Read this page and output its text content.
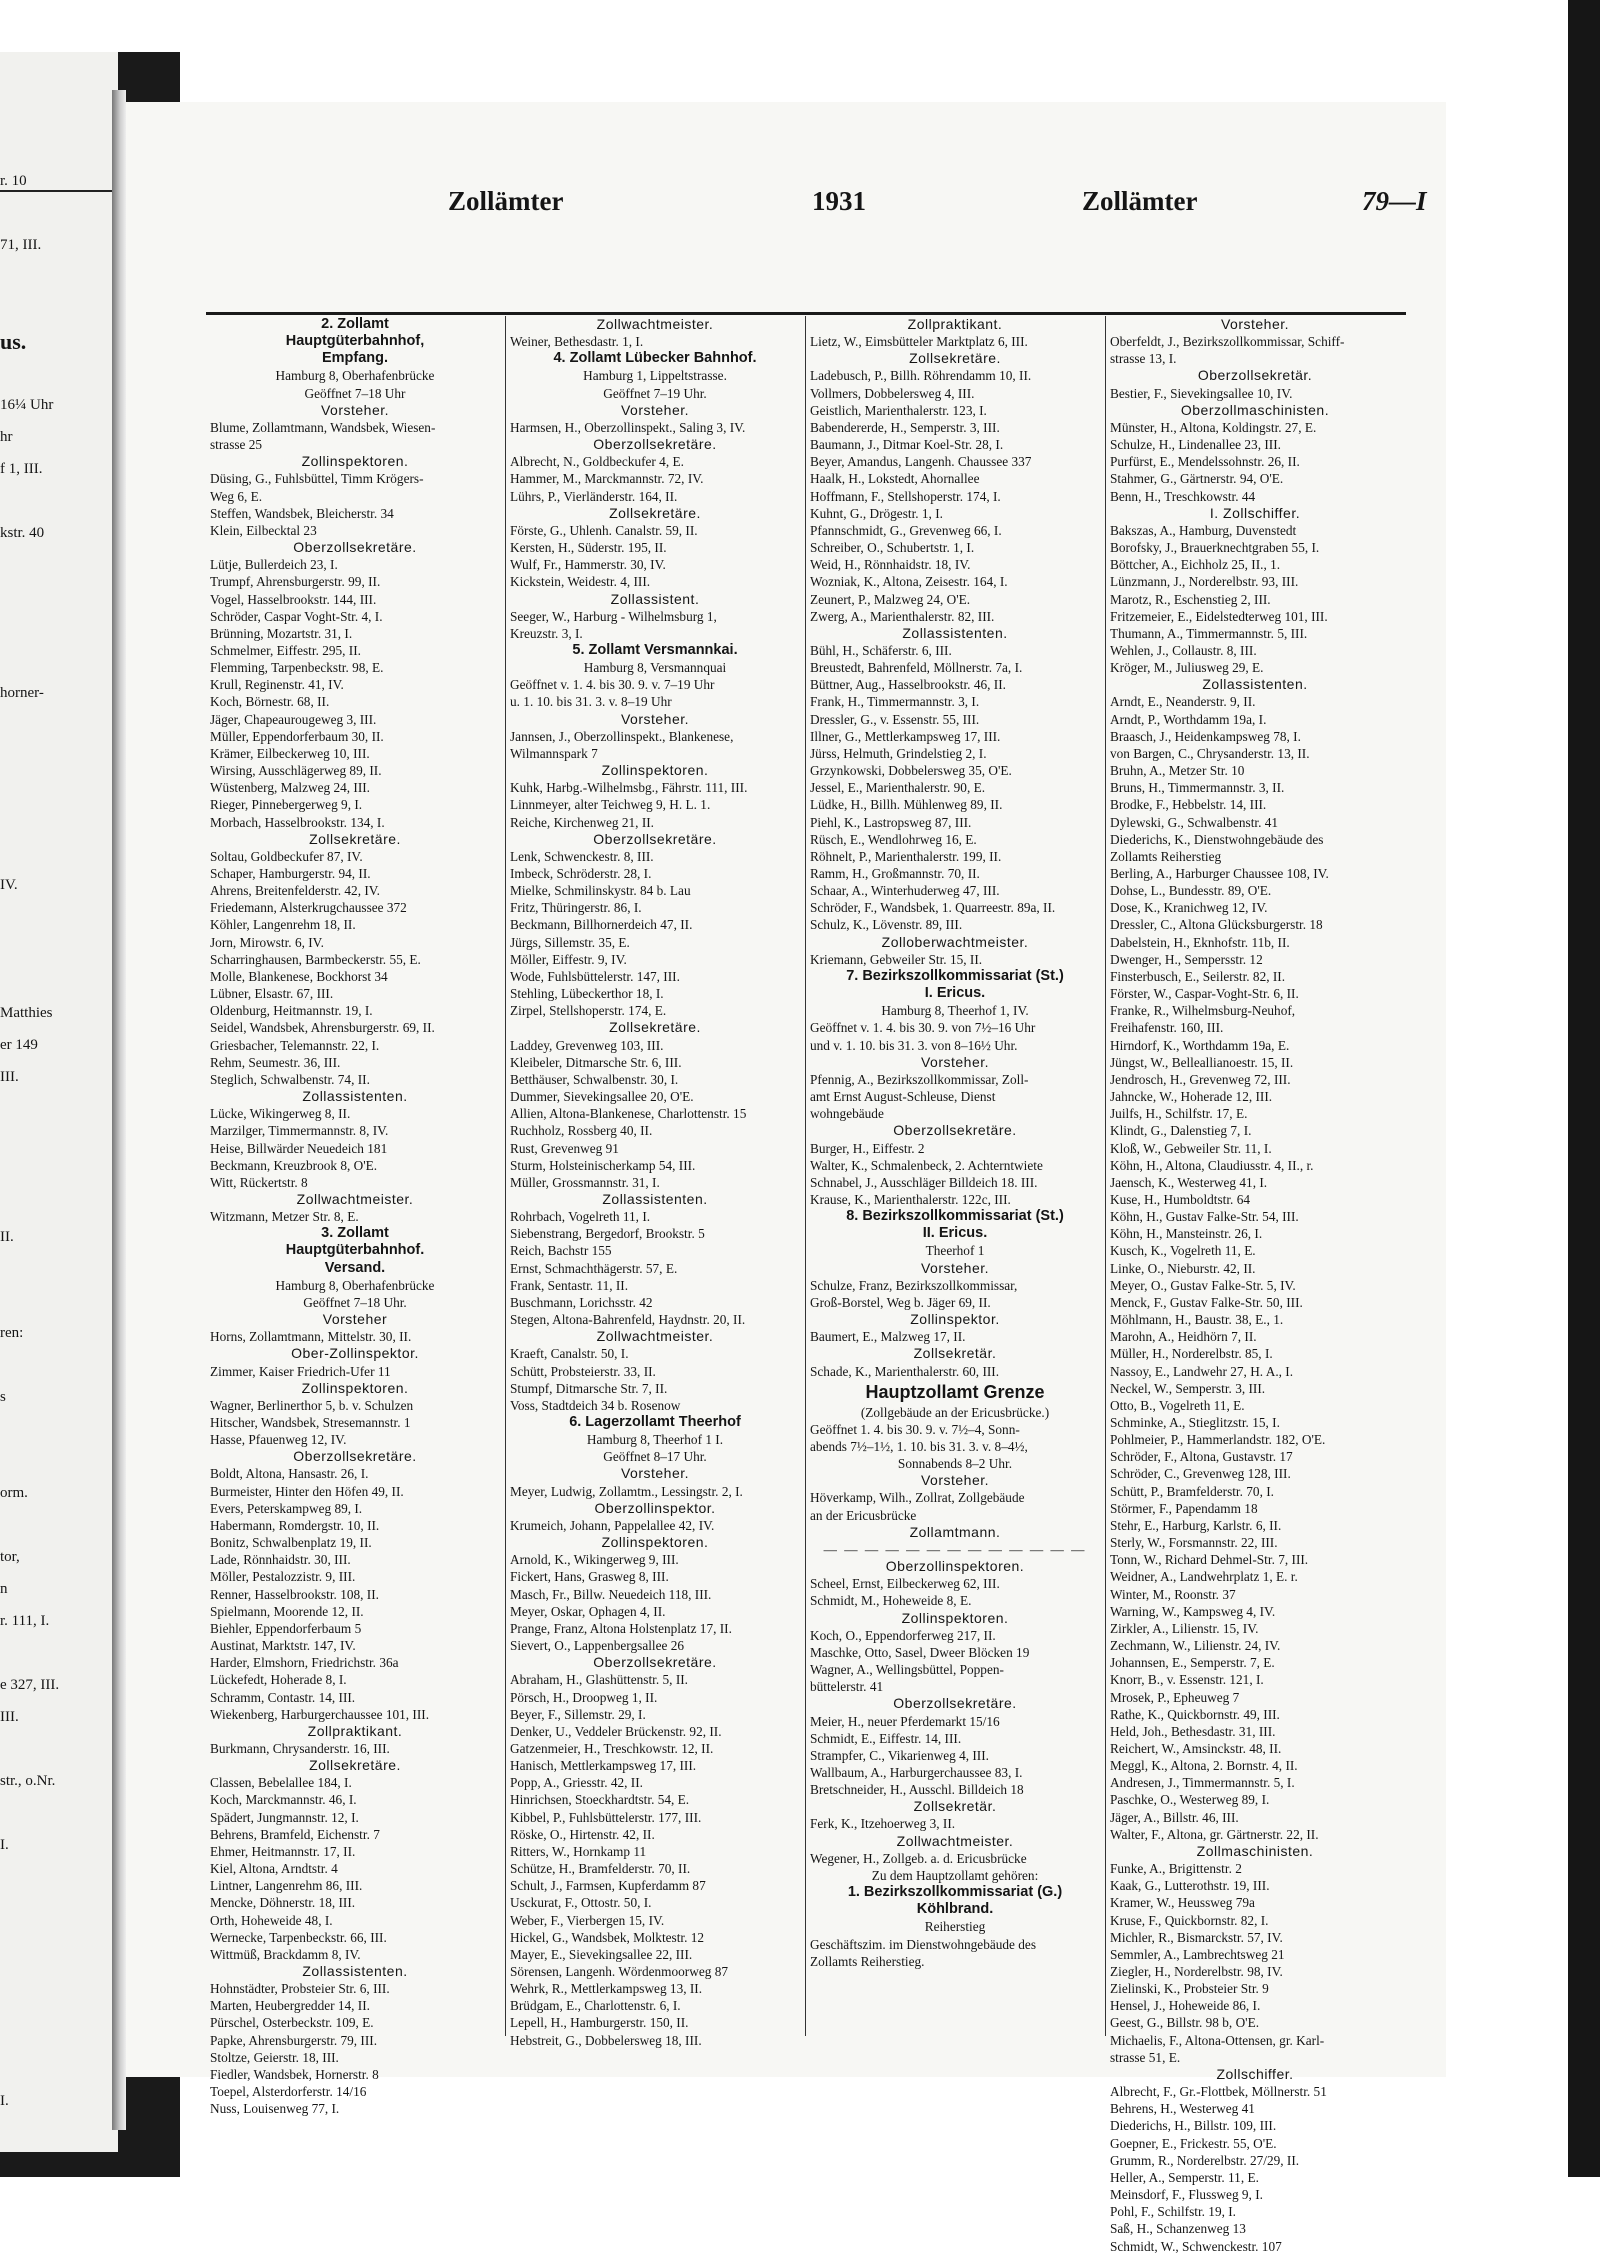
r. 10
71, III.
us.
16¼ Uhr
hr
f 1, III.
kstr. 40
horner-
IV.
Matthies
er 149
III.
II.
ren:
s
orm.
tor,
n
r. 111, I.
e 327, III.
III.
str., o.Nr.
I.
I.
Zollämter	1931	Zollämter	79—I
2. Zollamt
Hauptgüterbahnhof,
Empfang.
Hamburg 8, Oberhafenbrücke
Geöffnet 7–18 Uhr
Vorsteher.
Blume, Zollamtmann, Wandsbek, Wiesen-
strasse 25
Zollinspektoren.
Düsing, G., Fuhlsbüttel, Timm Krögers-
Weg 6, E.
Steffen, Wandsbek, Bleicherstr. 34
Klein, Eilbecktal 23
Oberzollsekretäre.
Lütje, Bullerdeich 23, I.
Trumpf, Ahrensburgerstr. 99, II.
Vogel, Hasselbrookstr. 144, III.
Schröder, Caspar Voght-Str. 4, I.
Brünning, Mozartstr. 31, I.
Schmelmer, Eiffestr. 295, II.
Flemming, Tarpenbeckstr. 98, E.
Krull, Reginenstr. 41, IV.
Koch, Börnestr. 68, II.
Jäger, Chapeaurougeweg 3, III.
Müller, Eppendorferbaum 30, II.
Krämer, Eilbeckerweg 10, III.
Wirsing, Ausschlägerweg 89, II.
Wüstenberg, Malzweg 24, III.
Rieger, Pinnebergerweg 9, I.
Morbach, Hasselbrookstr. 134, I.
Zollsekretäre.
Soltau, Goldbeckufer 87, IV.
Schaper, Hamburgerstr. 94, II.
Ahrens, Breitenfelderstr. 42, IV.
Friedemann, Alsterkrugchaussee 372
Köhler, Langenrehm 18, II.
Jorn, Mirowstr. 6, IV.
Scharringhausen, Barmbeckerstr. 55, E.
Molle, Blankenese, Bockhorst 34
Lübner, Elsastr. 67, III.
Oldenburg, Heitmannstr. 19, I.
Seidel, Wandsbek, Ahrensburgerstr. 69, II.
Griesbacher, Telemannstr. 22, I.
Rehm, Seumestr. 36, III.
Steglich, Schwalbenstr. 74, II.
Zollassistenten.
Lücke, Wikingerweg 8, II.
Marzilger, Timmermannstr. 8, IV.
Heise, Billwärder Neuedeich 181
Beckmann, Kreuzbrook 8, O'E.
Witt, Rückertstr. 8
Zollwachtmeister.
Witzmann, Metzer Str. 8, E.
3. Zollamt
Hauptgüterbahnhof.
Versand.
Hamburg 8, Oberhafenbrücke
Geöffnet 7–18 Uhr.
Vorsteher
Horns, Zollamtmann, Mittelstr. 30, II.
Ober-Zollinspektor.
Zimmer, Kaiser Friedrich-Ufer 11
Zollinspektoren.
Wagner, Berlinerthor 5, b. v. Schulzen
Hitscher, Wandsbek, Stresemannstr. 1
Hasse, Pfauenweg 12, IV.
Oberzollsekretäre.
Boldt, Altona, Hansastr. 26, I.
Burmeister, Hinter den Höfen 49, II.
Evers, Peterskampweg 89, I.
Habermann, Romdergstr. 10, II.
Bonitz, Schwalbenplatz 19, II.
Lade, Rönnhaidstr. 30, III.
Möller, Pestalozzistr. 9, III.
Renner, Hasselbrookstr. 108, II.
Spielmann, Moorende 12, II.
Biehler, Eppendorferbaum 5
Austinat, Marktstr. 147, IV.
Harder, Elmshorn, Friedrichstr. 36a
Lückefedt, Hoherade 8, I.
Schramm, Contastr. 14, III.
Wiekenberg, Harburgerchaussee 101, III.
Zollpraktikant.
Burkmann, Chrysanderstr. 16, III.
Zollsekretäre.
Classen, Bebelallee 184, I.
Koch, Marckmannstr. 46, I.
Spädert, Jungmannstr. 12, I.
Behrens, Bramfeld, Eichenstr. 7
Ehmer, Heitmannstr. 17, II.
Kiel, Altona, Arndtstr. 4
Lintner, Langenrehm 86, III.
Mencke, Döhnerstr. 18, III.
Orth, Hoheweide 48, I.
Wernecke, Tarpenbeckstr. 66, III.
Wittmüß, Brackdamm 8, IV.
Zollassistenten.
Hohnstädter, Probsteier Str. 6, III.
Marten, Heubergredder 14, II.
Pürschel, Osterbeckstr. 109, E.
Papke, Ahrensburgerstr. 79, III.
Stoltze, Geierstr. 18, III.
Fiedler, Wandsbek, Hornerstr. 8
Toepel, Alsterdorferstr. 14/16
Nuss, Louisenweg 77, I.
Zollwachtmeister.
Weiner, Bethesdastr. 1, I.
4. Zollamt Lübecker Bahnhof.
Hamburg 1, Lippeltstrasse.
Geöffnet 7–19 Uhr.
Vorsteher.
Harmsen, H., Oberzollinspekt., Saling 3, IV.
Oberzollsekretäre.
Albrecht, N., Goldbeckufer 4, E.
Hammer, M., Marckmannstr. 72, IV.
Lührs, P., Vierländerstr. 164, II.
Zollsekretäre.
Förste, G., Uhlenh. Canalstr. 59, II.
Kersten, H., Süderstr. 195, II.
Wulf, Fr., Hammerstr. 30, IV.
Kickstein, Weidestr. 4, III.
Zollassistent.
Seeger, W., Harburg - Wilhelmsburg 1,
Kreuzstr. 3, I.
5. Zollamt Versmannkai.
Hamburg 8, Versmannquai
Geöffnet v. 1. 4. bis 30. 9. v. 7–19 Uhr
u. 1. 10. bis 31. 3. v. 8–19 Uhr
Vorsteher.
Jannsen, J., Oberzollinspekt., Blankenese,
Wilmannspark 7
Zollinspektoren.
Kuhk, Harbg.-Wilhelmsbg., Fährstr. 111, III.
Linnmeyer, alter Teichweg 9, H. L. 1.
Reiche, Kirchenweg 21, II.
Oberzollsekretäre.
Lenk, Schwenckestr. 8, III.
Imbeck, Schröderstr. 28, I.
Mielke, Schmilinskystr. 84 b. Lau
Fritz, Thüringerstr. 86, I.
Beckmann, Billhornerdeich 47, II.
Jürgs, Sillemstr. 35, E.
Möller, Eiffestr. 9, IV.
Wode, Fuhlsbüttelerstr. 147, III.
Stehling, Lübeckerthor 18, I.
Zirpel, Stellshoperstr. 174, E.
Zollsekretäre.
Laddey, Grevenweg 103, III.
Kleibeler, Ditmarsche Str. 6, III.
Betthäuser, Schwalbenstr. 30, I.
Dummer, Sievekingsallee 20, O'E.
Allien, Altona-Blankenese, Charlottenstr. 15
Ruchholz, Rossberg 40, II.
Rust, Grevenweg 91
Sturm, Holsteinischerkamp 54, III.
Müller, Grossmannstr. 31, I.
Zollassistenten.
Rohrbach, Vogelreth 11, I.
Siebenstrang, Bergedorf, Brookstr. 5
Reich, Bachstr 155
Ernst, Schmachthägerstr. 57, E.
Frank, Sentastr. 11, II.
Buschmann, Lorichsstr. 42
Stegen, Altona-Bahrenfeld, Haydnstr. 20, II.
Zollwachtmeister.
Kraeft, Canalstr. 50, I.
Schütt, Probsteierstr. 33, II.
Stumpf, Ditmarsche Str. 7, II.
Voss, Stadtdeich 34 b. Rosenow
6. Lagerzollamt Theerhof
Hamburg 8, Theerhof 1 I.
Geöffnet 8–17 Uhr.
Vorsteher.
Meyer, Ludwig, Zollamtm., Lessingstr. 2, I.
Oberzollinspektor.
Krumeich, Johann, Pappelallee 42, IV.
Zollinspektoren.
Arnold, K., Wikingerweg 9, III.
Fickert, Hans, Grasweg 8, III.
Masch, Fr., Billw. Neuedeich 118, III.
Meyer, Oskar, Ophagen 4, II.
Prange, Franz, Altona Holstenplatz 17, II.
Sievert, O., Lappenbergsallee 26
Oberzollsekretäre.
Abraham, H., Glashüttenstr. 5, II.
Pörsch, H., Droopweg 1, II.
Beyer, F., Sillemstr. 29, I.
Denker, U., Veddeler Brückenstr. 92, II.
Gatzenmeier, H., Treschkowstr. 12, II.
Hanisch, Mettlerkampsweg 17, III.
Popp, A., Griesstr. 42, II.
Hinrichsen, Stoeckhardtstr. 54, E.
Kibbel, P., Fuhlsbüttelerstr. 177, III.
Röske, O., Hirtenstr. 42, II.
Ritters, W., Hornkamp 11
Schütze, H., Bramfelderstr. 70, II.
Schult, J., Farmsen, Kupferdamm 87
Usckurat, F., Ottostr. 50, I.
Weber, F., Vierbergen 15, IV.
Hickel, G., Wandsbek, Molktestr. 12
Mayer, E., Sievekingsallee 22, III.
Sörensen, Langenh. Wördenmoorweg 87
Wehrk, R., Mettlerkampsweg 13, II.
Brüdgam, E., Charlottenstr. 6, I.
Lepell, H., Hamburgerstr. 150, II.
Hebstreit, G., Dobbelersweg 18, III.
Zollpraktikant.
Lietz, W., Eimsbütteler Marktplatz 6, III.
Zollsekretäre.
Ladebusch, P., Billh. Röhrendamm 10, II.
Vollmers, Dobbelersweg 4, III.
Geistlich, Marienthalerstr. 123, I.
Babendererde, H., Semperstr. 3, III.
Baumann, J., Ditmar Koel-Str. 28, I.
Beyer, Amandus, Langenh. Chaussee 337
Haalk, H., Lokstedt, Ahornallee
Hoffmann, F., Stellshoperstr. 174, I.
Kuhnt, G., Drögestr. 1, I.
Pfannschmidt, G., Grevenweg 66, I.
Schreiber, O., Schubertstr. 1, I.
Weid, H., Rönnhaidstr. 18, IV.
Wozniak, K., Altona, Zeisestr. 164, I.
Zeunert, P., Malzweg 24, O'E.
Zwerg, A., Marienthalerstr. 82, III.
Zollassistenten.
Bühl, H., Schäferstr. 6, III.
Breustedt, Bahrenfeld, Möllnerstr. 7a, I.
Büttner, Aug., Hasselbrookstr. 46, II.
Frank, H., Timmermannstr. 3, I.
Dressler, G., v. Essenstr. 55, III.
Illner, G., Mettlerkampsweg 17, III.
Jürss, Helmuth, Grindelstieg 2, I.
Grzynkowski, Dobbelersweg 35, O'E.
Jessel, E., Marienthalerstr. 90, E.
Lüdke, H., Billh. Mühlenweg 89, II.
Piehl, K., Lastropsweg 87, III.
Rüsch, E., Wendlohrweg 16, E.
Röhnelt, P., Marienthalerstr. 199, II.
Ramm, H., Großmannstr. 70, II.
Schaar, A., Winterhuderweg 47, III.
Schröder, F., Wandsbek, 1. Quarreestr. 89a, II.
Schulz, K., Lövenstr. 89, III.
Zolloberwachtmeister.
Kriemann, Gebweiler Str. 15, II.
7. Bezirkszollkommissariat (St.)
I. Ericus.
Hamburg 8, Theerhof 1, IV.
Geöffnet v. 1. 4. bis 30. 9. von 7½–16 Uhr
und v. 1. 10. bis 31. 3. von 8–16½ Uhr.
Vorsteher.
Pfennig, A., Bezirkszollkommissar, Zoll-
amt Ernst August-Schleuse, Dienst
wohngebäude
Oberzollsekretäre.
Burger, H., Eiffestr. 2
Walter, K., Schmalenbeck, 2. Achterntwiete
Schnabel, J., Ausschläger Billdeich 18. III.
Krause, K., Marienthalerstr. 122c, III.
8. Bezirkszollkommissariat (St.)
II. Ericus.
Theerhof 1
Vorsteher.
Schulze, Franz, Bezirkszollkommissar,
Groß-Borstel, Weg b. Jäger 69, II.
Zollinspektor.
Baumert, E., Malzweg 17, II.
Zollsekretär.
Schade, K., Marienthalerstr. 60, III.
Hauptzollamt Grenze
(Zollgebäude an der Ericusbrücke.)
Geöffnet 1. 4. bis 30. 9. v. 7½–4, Sonn-
abends 7½–1½, 1. 10. bis 31. 3. v. 8–4½,
Sonnabends 8–2 Uhr.
Vorsteher.
Höverkamp, Wilh., Zollrat, Zollgebäude
an der Ericusbrücke
Zollamtmann.
— — — — — — — — — — — — —
Oberzollinspektoren.
Scheel, Ernst, Eilbeckerweg 62, III.
Schmidt, M., Hoheweide 8, E.
Zollinspektoren.
Koch, O., Eppendorferweg 217, II.
Maschke, Otto, Sasel, Dweer Blöcken 19
Wagner, A., Wellingsbüttel, Poppen-
büttelerstr. 41
Oberzollsekretäre.
Meier, H., neuer Pferdemarkt 15/16
Schmidt, E., Eiffestr. 14, III.
Strampfer, C., Vikarienweg 4, III.
Wallbaum, A., Harburgerchaussee 83, I.
Bretschneider, H., Ausschl. Billdeich 18
Zollsekretär.
Ferk, K., Itzehoerweg 3, II.
Zollwachtmeister.
Wegener, H., Zollgeb. a. d. Ericusbrücke
Zu dem Hauptzollamt gehören:
1. Bezirkszollkommissariat (G.)
Köhlbrand.
Reiherstieg
Geschäftszim. im Dienstwohngebäude des
Zollamts Reiherstieg.
Vorsteher.
Oberfeldt, J., Bezirkszollkommissar, Schiff-
strasse 13, I.
Oberzollsekretär.
Bestier, F., Sievekingsallee 10, IV.
Oberzollmaschinisten.
Münster, H., Altona, Koldingstr. 27, E.
Schulze, H., Lindenallee 23, III.
Purfürst, E., Mendelssohnstr. 26, II.
Stahmer, G., Gärtnerstr. 94, O'E.
Benn, H., Treschkowstr. 44
I. Zollschiffer.
Bakszas, A., Hamburg, Duvenstedt
Borofsky, J., Brauerknechtgraben 55, I.
Böttcher, A., Eichholz 25, II., 1.
Lünzmann, J., Norderelbstr. 93, III.
Marotz, R., Eschenstieg 2, III.
Fritzemeier, E., Eidelstedterweg 101, III.
Thumann, A., Timmermannstr. 5, III.
Wehlen, J., Collaustr. 8, III.
Kröger, M., Juliusweg 29, E.
Zollassistenten.
Arndt, E., Neanderstr. 9, II.
Arndt, P., Worthdamm 19a, I.
Braasch, J., Heidenkampsweg 78, I.
von Bargen, C., Chrysanderstr. 13, II.
Bruhn, A., Metzer Str. 10
Bruns, H., Timmermannstr. 3, II.
Brodke, F., Hebbelstr. 14, III.
Dylewski, G., Schwalbenstr. 41
Diederichs, K., Dienstwohngebäude des
Zollamts Reiherstieg
Berling, A., Harburger Chaussee 108, IV.
Dohse, L., Bundesstr. 89, O'E.
Dose, K., Kranichweg 12, IV.
Dressler, C., Altona Glücksburgerstr. 18
Dabelstein, H., Eknhofstr. 11b, II.
Dwenger, H., Sempersstr. 12
Finsterbusch, E., Seilerstr. 82, II.
Förster, W., Caspar-Voght-Str. 6, II.
Franke, R., Wilhelmsburg-Neuhof,
Freihafenstr. 160, III.
Hirndorf, K., Worthdamm 19a, E.
Jüngst, W., Belleallianoestr. 15, II.
Jendrosch, H., Grevenweg 72, III.
Jahncke, W., Hoherade 12, III.
Juilfs, H., Schilfstr. 17, E.
Klindt, G., Dalenstieg 7, I.
Kloß, W., Gebweiler Str. 11, I.
Köhn, H., Altona, Claudiusstr. 4, II., r.
Jaensch, K., Westerweg 41, I.
Kuse, H., Humboldtstr. 64
Köhn, H., Gustav Falke-Str. 54, III.
Köhn, H., Mansteinstr. 26, I.
Kusch, K., Vogelreth 11, E.
Linke, O., Nieburstr. 42, II.
Meyer, O., Gustav Falke-Str. 5, IV.
Menck, F., Gustav Falke-Str. 50, III.
Möhlmann, H., Baustr. 38, E., 1.
Marohn, A., Heidhörn 7, II.
Müller, H., Norderelbstr. 85, I.
Nassoy, E., Landwehr 27, H. A., I.
Neckel, W., Semperstr. 3, III.
Otto, B., Vogelreth 11, E.
Schminke, A., Stieglitzstr. 15, I.
Pohlmeier, P., Hammerlandstr. 182, O'E.
Schröder, F., Altona, Gustavstr. 17
Schröder, C., Grevenweg 128, III.
Schütt, P., Bramfelderstr. 70, I.
Störmer, F., Papendamm 18
Stehr, E., Harburg, Karlstr. 6, II.
Sterly, W., Forsmannstr. 22, III.
Tonn, W., Richard Dehmel-Str. 7, III.
Weidner, A., Landwehrplatz 1, E. r.
Winter, M., Roonstr. 37
Warning, W., Kampsweg 4, IV.
Zirkler, A., Lilienstr. 15, IV.
Zechmann, W., Lilienstr. 24, IV.
Johannsen, E., Semperstr. 7, E.
Knorr, B., v. Essenstr. 121, I.
Mrosek, P., Epheuweg 7
Rathe, K., Quickbornstr. 49, III.
Held, Joh., Bethesdastr. 31, III.
Reichert, W., Amsinckstr. 48, II.
Meggl, K., Altona, 2. Bornstr. 4, II.
Andresen, J., Timmermannstr. 5, I.
Paschke, O., Westerweg 89, I.
Jäger, A., Billstr. 46, III.
Walter, F., Altona, gr. Gärtnerstr. 22, II.
Zollmaschinisten.
Funke, A., Brigittenstr. 2
Kaak, G., Lutterothstr. 19, III.
Kramer, W., Heussweg 79a
Kruse, F., Quickbornstr. 82, I.
Michler, R., Bismarckstr. 57, IV.
Semmler, A., Lambrechtsweg 21
Ziegler, H., Norderelbstr. 98, IV.
Zielinski, K., Probsteier Str. 9
Hensel, J., Hoheweide 86, I.
Geest, G., Billstr. 98 b, O'E.
Michaelis, F., Altona-Ottensen, gr. Karl-
strasse 51, E.
Zollschiffer.
Albrecht, F., Gr.-Flottbek, Möllnerstr. 51
Behrens, H., Westerweg 41
Diederichs, H., Billstr. 109, III.
Goepner, E., Frickestr. 55, O'E.
Grumm, R., Norderelbstr. 27/29, II.
Heller, A., Semperstr. 11, E.
Meinsdorf, F., Flussweg 9, I.
Pohl, F., Schilfstr. 19, I.
Saß, H., Schanzenweg 13
Schmidt, W., Schwenckestr. 107
